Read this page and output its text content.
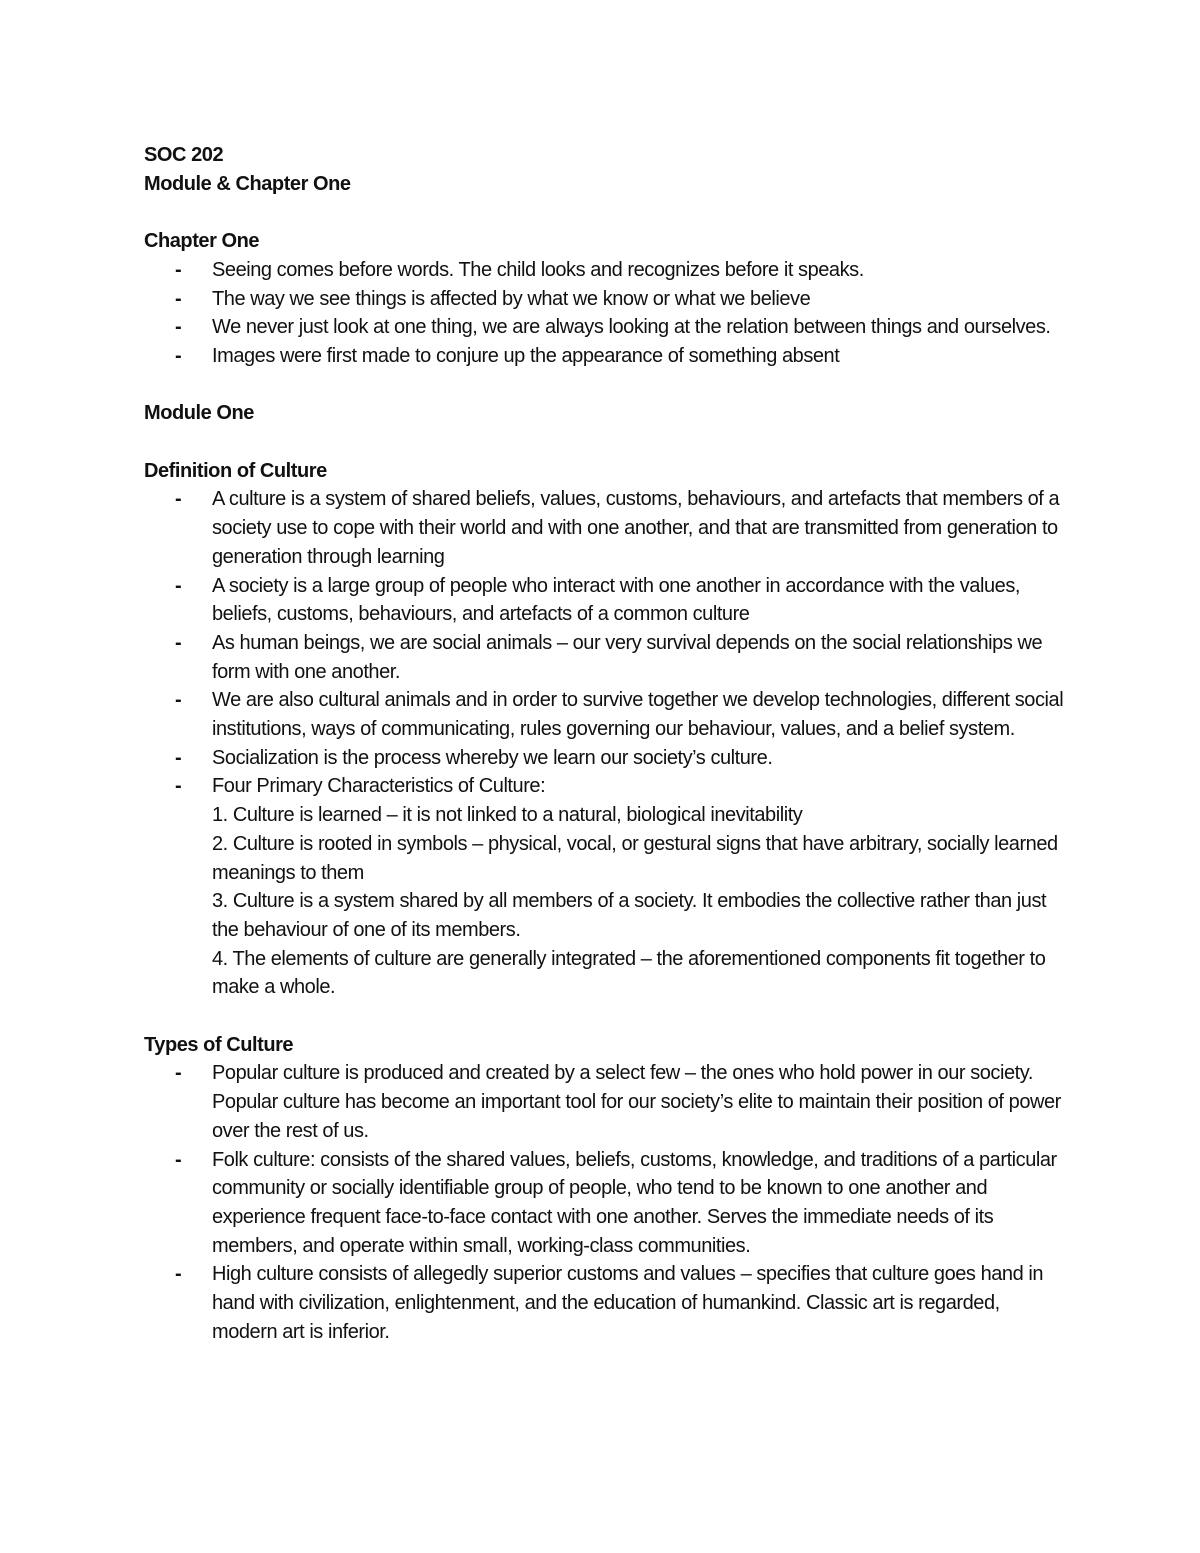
SOC 202

Module & Chapter One

Chapter One

- Seeing comes before words. The child looks and recognizes before it speaks.
- The way we see things is affected by what we know or what we believe
- We never just look at one thing, we are always looking at the relation between things and ourselves.
- Images were first made to conjure up the appearance of something absent

Module One

Definition of Culture

- A culture is a system of shared beliefs, values, customs, behaviours, and artefacts that members of a society use to cope with their world and with one another, and that are transmitted from generation to generation through learning
- A society is a large group of people who interact with one another in accordance with the values, beliefs, customs, behaviours, and artefacts of a common culture
- As human beings, we are social animals – our very survival depends on the social relationships we form with one another.
- We are also cultural animals and in order to survive together we develop technologies, different social institutions, ways of communicating, rules governing our behaviour, values, and a belief system.
- Socialization is the process whereby we learn our society’s culture.
- Four Primary Characteristics of Culture:
1. Culture is learned – it is not linked to a natural, biological inevitability
2. Culture is rooted in symbols – physical, vocal, or gestural signs that have arbitrary, socially learned meanings to them
3. Culture is a system shared by all members of a society. It embodies the collective rather than just the behaviour of one of its members.
4. The elements of culture are generally integrated – the aforementioned components fit together to make a whole.

Types of Culture

- Popular culture is produced and created by a select few – the ones who hold power in our society. Popular culture has become an important tool for our society’s elite to maintain their position of power over the rest of us.
- Folk culture: consists of the shared values, beliefs, customs, knowledge, and traditions of a particular community or socially identifiable group of people, who tend to be known to one another and experience frequent face-to-face contact with one another. Serves the immediate needs of its members, and operate within small, working-class communities.
- High culture consists of allegedly superior customs and values – specifies that culture goes hand in hand with civilization, enlightenment, and the education of humankind. Classic art is regarded, modern art is inferior.
